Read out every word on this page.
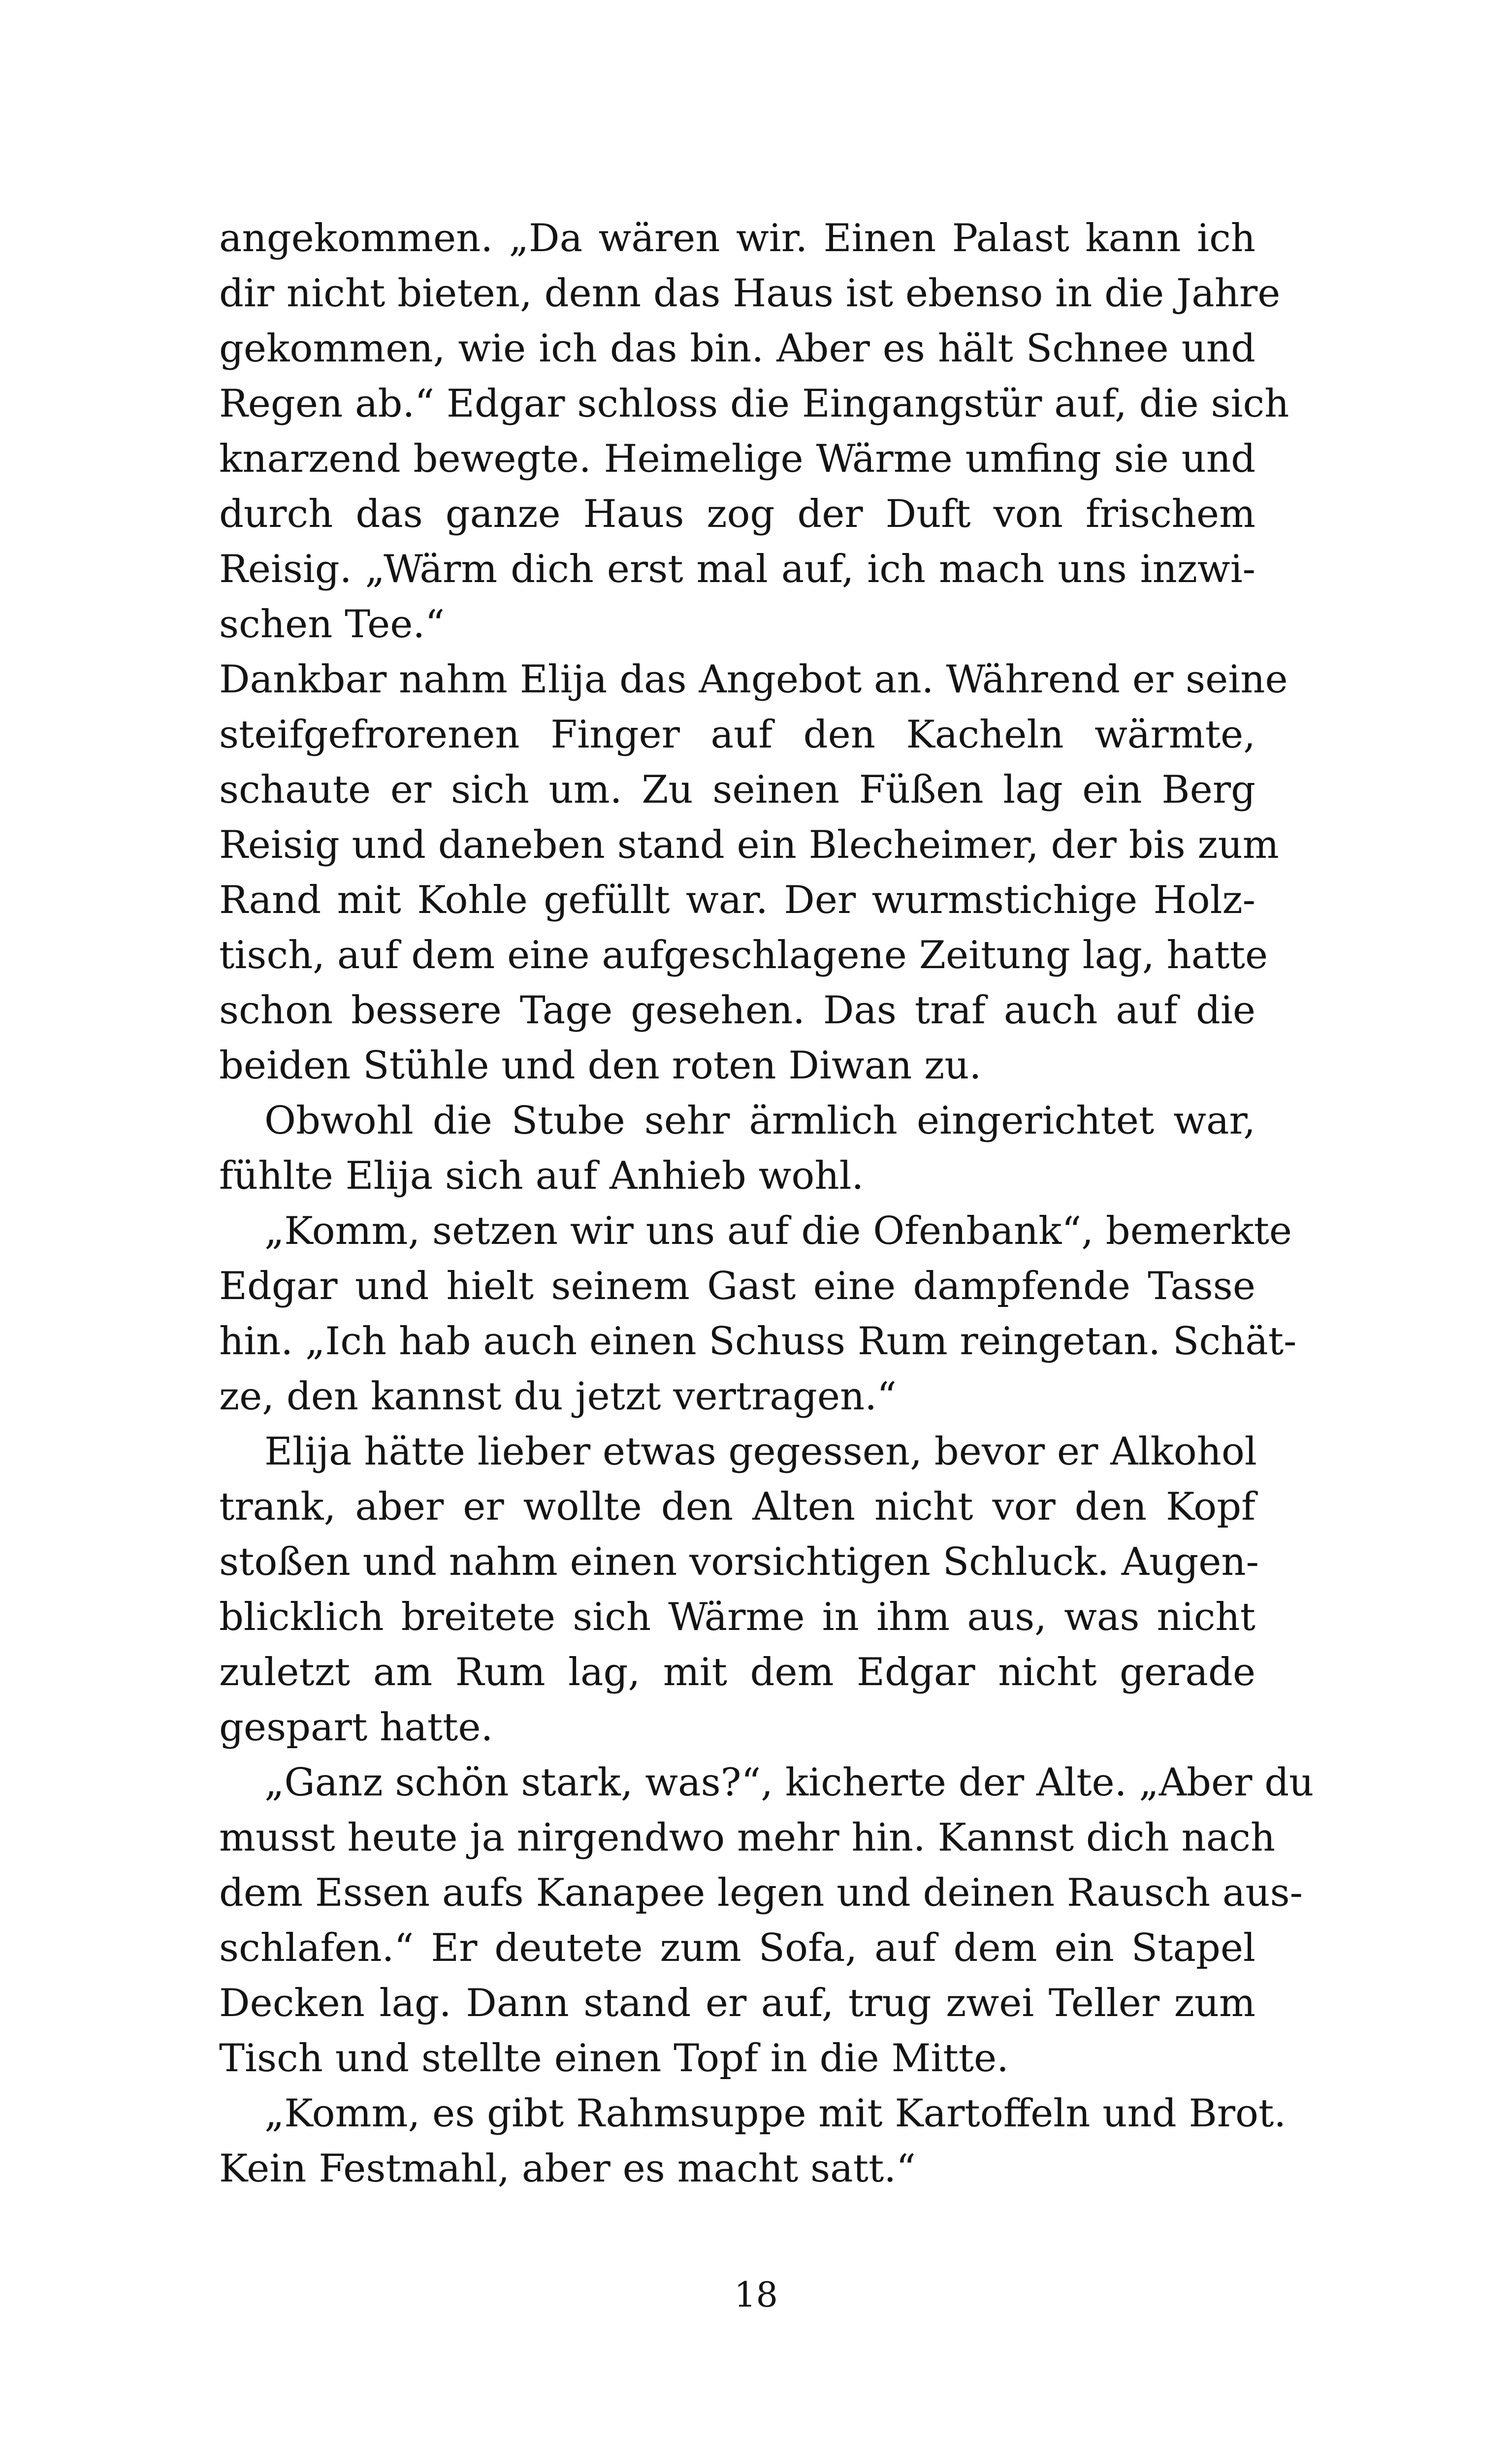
angekommen. „Da wären wir. Einen Palast kann ich
dir nicht bieten, denn das Haus ist ebenso in die Jahre
gekommen, wie ich das bin. Aber es hält Schnee und
Regen ab.“ Edgar schloss die Eingangstür auf, die sich
knarzend bewegte. Heimelige Wärme umfing sie und
durch das ganze Haus zog der Duft von frischem
Reisig. „Wärm dich erst mal auf, ich mach uns inzwi-
schen Tee.“
Dankbar nahm Elija das Angebot an. Während er seine
steifgefrorenen Finger auf den Kacheln wärmte,
schaute er sich um. Zu seinen Füßen lag ein Berg
Reisig und daneben stand ein Blecheimer, der bis zum
Rand mit Kohle gefüllt war. Der wurmstichige Holz-
tisch, auf dem eine aufgeschlagene Zeitung lag, hatte
schon bessere Tage gesehen. Das traf auch auf die
beiden Stühle und den roten Diwan zu.
Obwohl die Stube sehr ärmlich eingerichtet war,
fühlte Elija sich auf Anhieb wohl.
„Komm, setzen wir uns auf die Ofenbank“, bemerkte
Edgar und hielt seinem Gast eine dampfende Tasse
hin. „Ich hab auch einen Schuss Rum reingetan. Schät-
ze, den kannst du jetzt vertragen.“
Elija hätte lieber etwas gegessen, bevor er Alkohol
trank, aber er wollte den Alten nicht vor den Kopf
stoßen und nahm einen vorsichtigen Schluck. Augen-
blicklich breitete sich Wärme in ihm aus, was nicht
zuletzt am Rum lag, mit dem Edgar nicht gerade
gespart hatte.
„Ganz schön stark, was?“, kicherte der Alte. „Aber du
musst heute ja nirgendwo mehr hin. Kannst dich nach
dem Essen aufs Kanapee legen und deinen Rausch aus-
schlafen.“ Er deutete zum Sofa, auf dem ein Stapel
Decken lag. Dann stand er auf, trug zwei Teller zum
Tisch und stellte einen Topf in die Mitte.
„Komm, es gibt Rahmsuppe mit Kartoffeln und Brot.
Kein Festmahl, aber es macht satt.“
18
